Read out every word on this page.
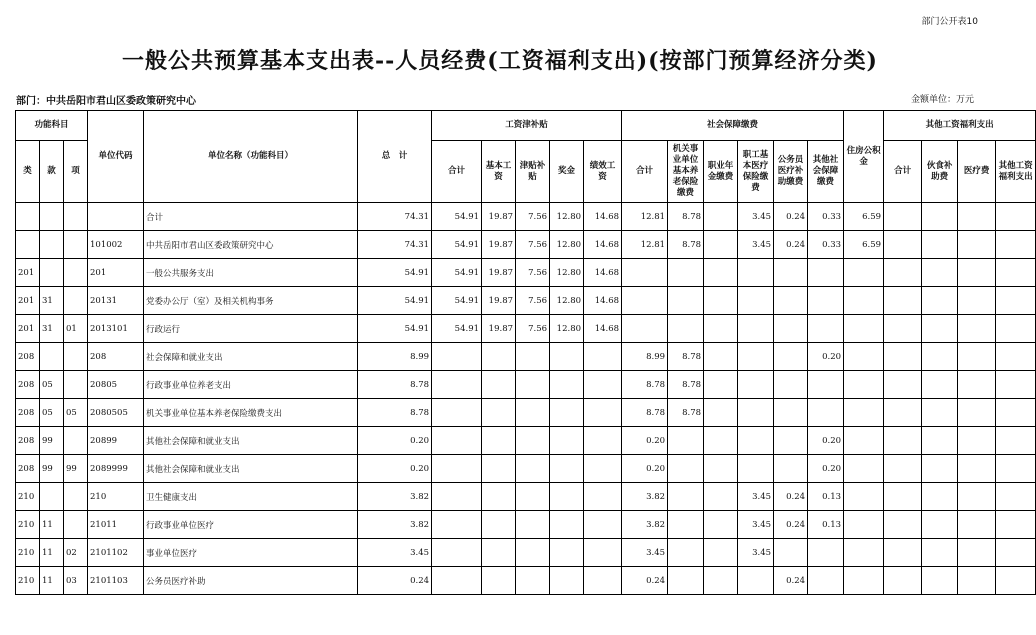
部门公开表10
一般公共预算基本支出表--人员经费(工资福利支出)(按部门预算经济分类)
部门：中共岳阳市君山区委政策研究中心	金额单位：万元
功能科目			单位代码	单位名称（功能科目）	总　计	工资津补贴					社会保障缴费						住房公积金	其他工资福利支出			
类	款	项				合计	基本工资	津贴补贴	奖金	绩效工资	合计	机关事业单位基本养老保险缴费	职业年金缴费	职工基本医疗保险缴费	公务员医疗补助缴费	其他社会保障缴费		合计	伙食补助费	医疗费	其他工资福利支出
				合计	74.31	54.91	19.87	7.56	12.80	14.68	12.81	8.78		3.45	0.24	0.33	6.59				
			101002	中共岳阳市君山区委政策研究中心	74.31	54.91	19.87	7.56	12.80	14.68	12.81	8.78		3.45	0.24	0.33	6.59				
201			201	一般公共服务支出	54.91	54.91	19.87	7.56	12.80	14.68											
201	31		20131	党委办公厅（室）及相关机构事务	54.91	54.91	19.87	7.56	12.80	14.68											
201	31	01	2013101	行政运行	54.91	54.91	19.87	7.56	12.80	14.68											
208			208	社会保障和就业支出	8.99						8.99	8.78				0.20					
208	05		20805	行政事业单位养老支出	8.78						8.78	8.78									
208	05	05	2080505	机关事业单位基本养老保险缴费支出	8.78						8.78	8.78									
208	99		20899	其他社会保障和就业支出	0.20						0.20					0.20					
208	99	99	2089999	其他社会保障和就业支出	0.20						0.20					0.20					
210			210	卫生健康支出	3.82						3.82			3.45	0.24	0.13					
210	11		21011	行政事业单位医疗	3.82						3.82			3.45	0.24	0.13					
210	11	02	2101102	事业单位医疗	3.45						3.45			3.45							
210	11	03	2101103	公务员医疗补助	0.24						0.24				0.24						
